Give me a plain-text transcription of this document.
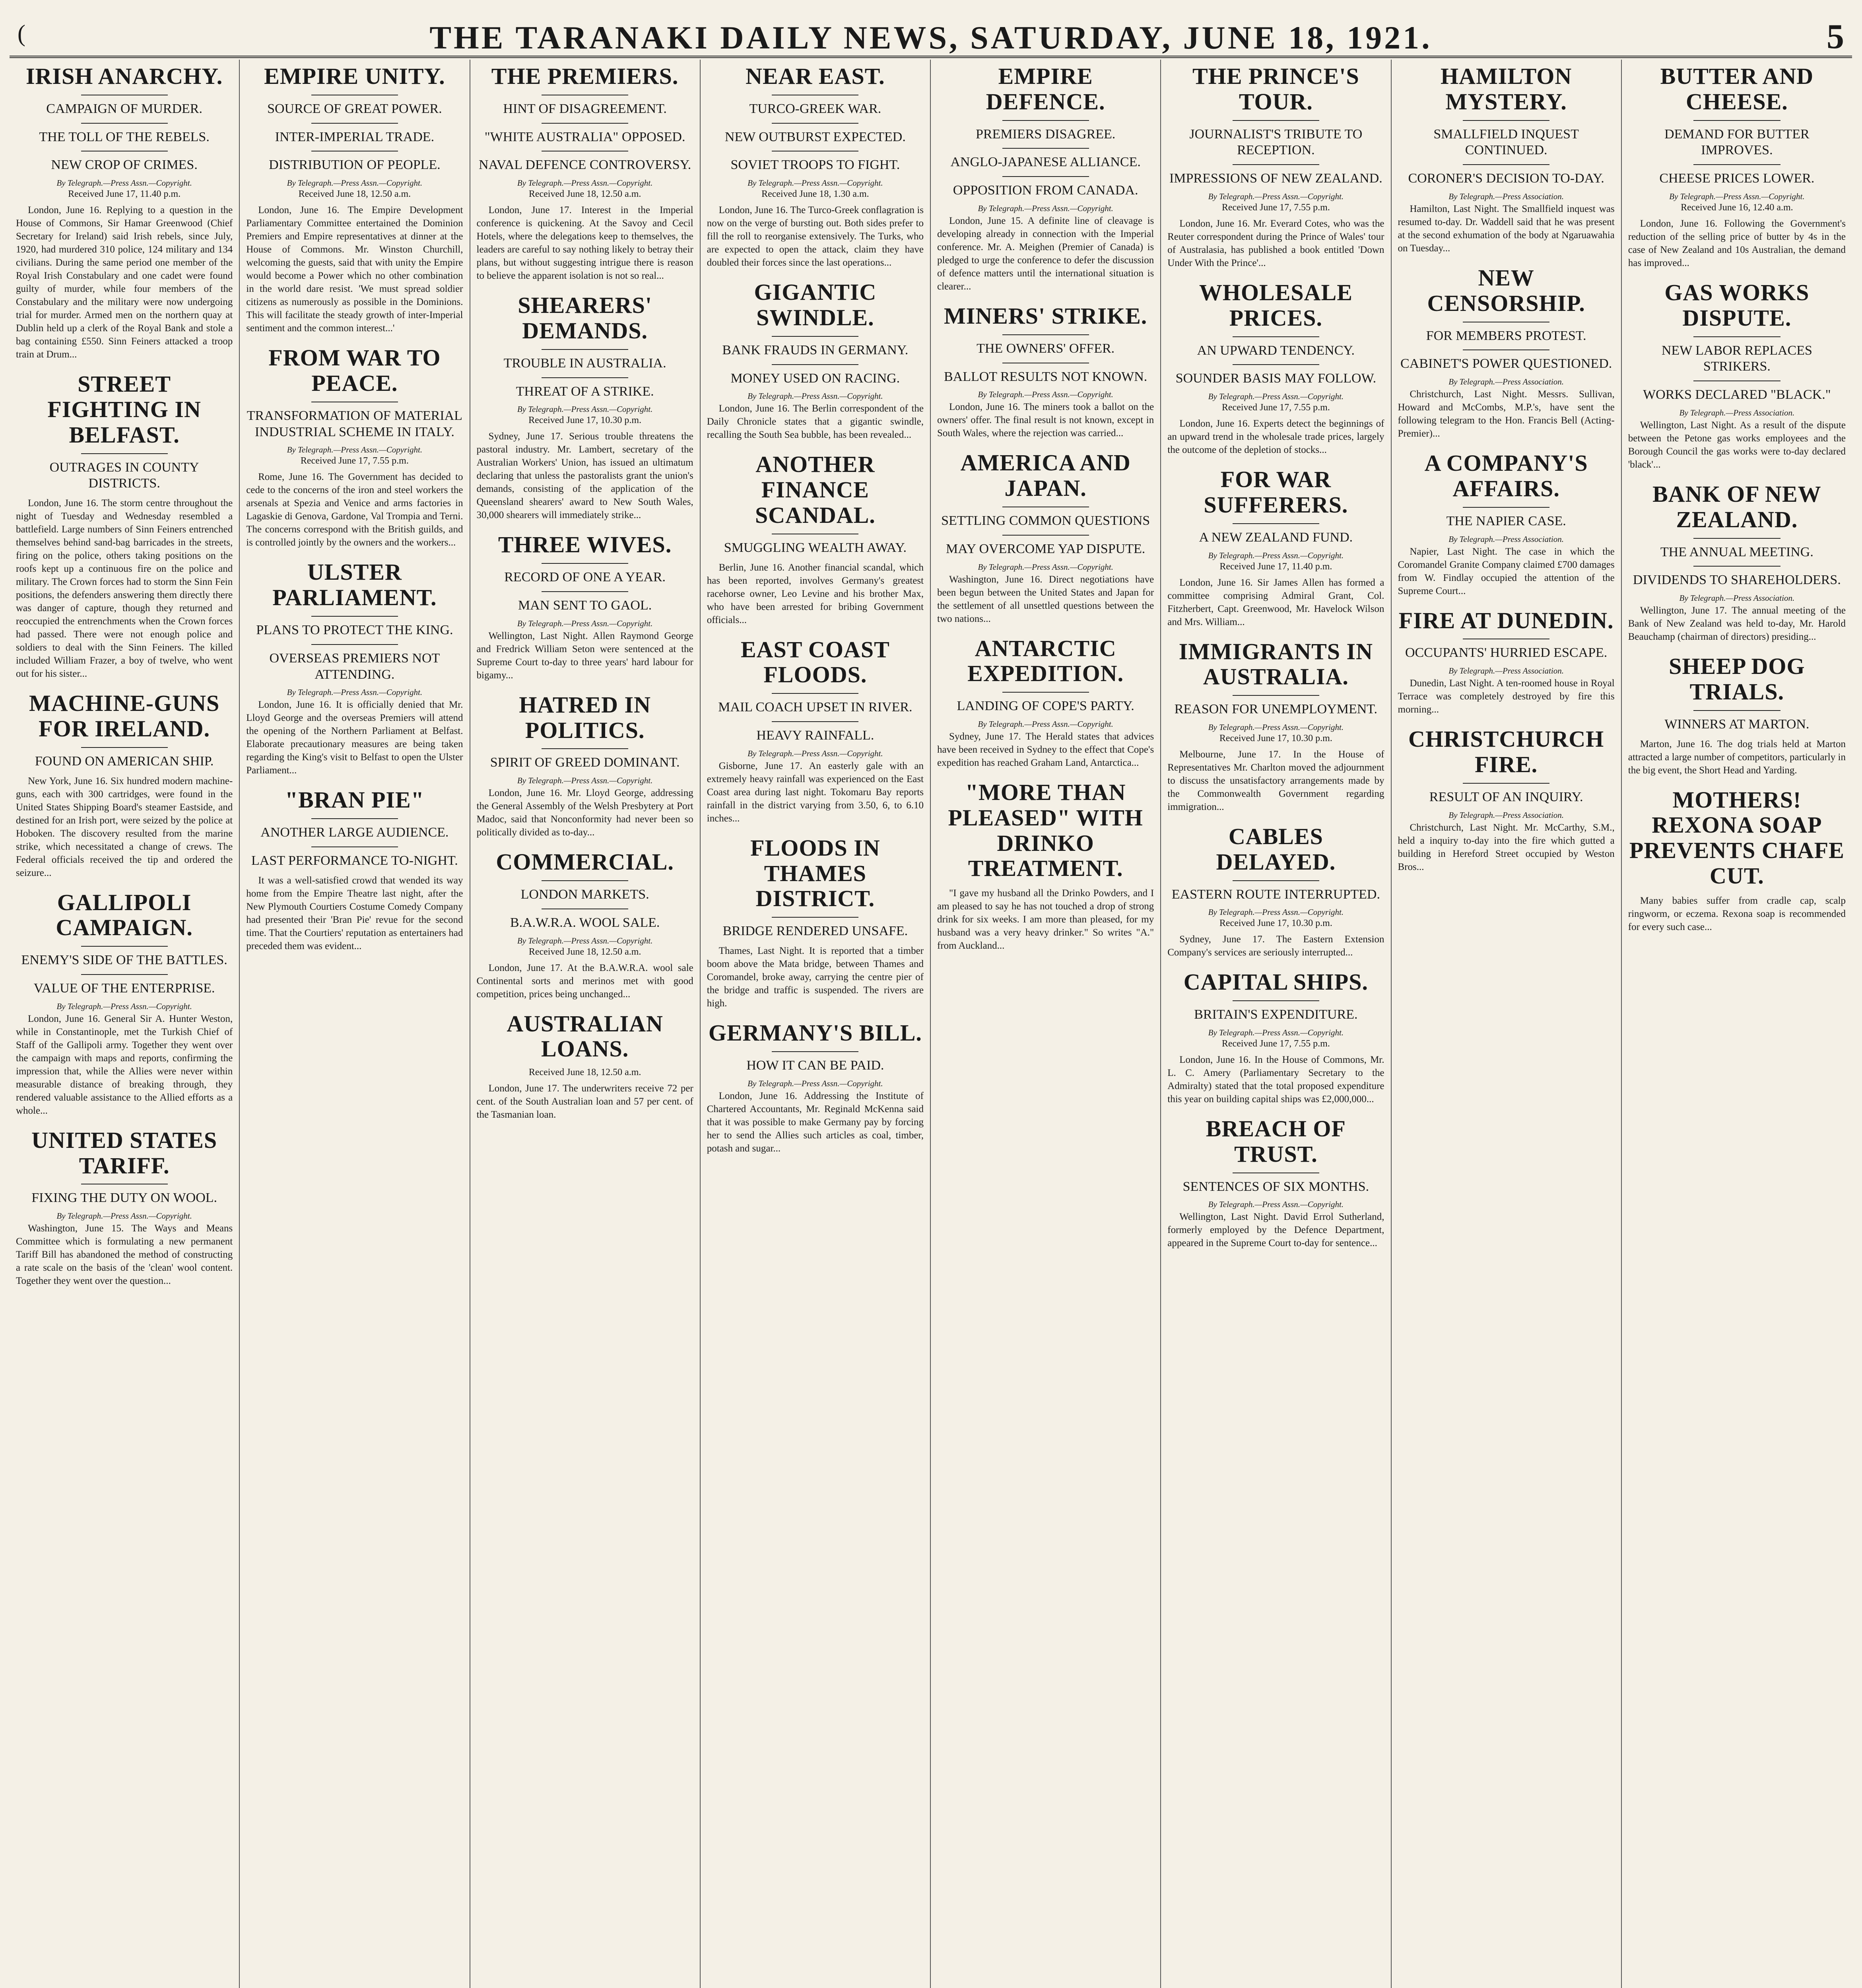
(	THE TARANAKI DAILY NEWS, SATURDAY, JUNE 18, 1921.	5
IRISH ANARCHY.
CAMPAIGN OF MURDER.
THE TOLL OF THE REBELS.
NEW CROP OF CRIMES.
By Telegraph.—Press Assn.—Copyright.
Received June 17, 11.40 p.m.

London, June 16. Replying to a question in the House of Commons, Sir Hamar Greenwood (Chief Secretary for Ireland) said Irish rebels, since July, 1920, had murdered 310 police, 124 military and 134 civilians. During the same period one member of the Royal Irish Constabulary and one cadet were found guilty of murder, while four members of the Constabulary and the military were now undergoing trial for murder. Armed men on the northern quay at Dublin held up a clerk of the Royal Bank and stole a bag containing £550. Sinn Feiners attacked a troop train at Drum...

STREET FIGHTING IN BELFAST.
OUTRAGES IN COUNTY DISTRICTS.

London, June 16. The storm centre throughout the night of Tuesday and Wednesday resembled a battlefield. Large numbers of Sinn Feiners entrenched themselves behind sand-bag barricades in the streets, firing on the police, others taking positions on the roofs kept up a continuous fire on the police and military. The Crown forces had to storm the Sinn Fein positions, the defenders answering them directly there was danger of capture, though they returned and reoccupied the entrenchments when the Crown forces had passed. There were not enough police and soldiers to deal with the Sinn Feiners. The killed included William Frazer, a boy of twelve, who went out for his sister...

MACHINE-GUNS FOR IRELAND.
FOUND ON AMERICAN SHIP.

New York, June 16. Six hundred modern machine-guns, each with 300 cartridges, were found in the United States Shipping Board's steamer Eastside, and destined for an Irish port, were seized by the police at Hoboken. The discovery resulted from the marine strike, which necessitated a change of crews. The Federal officials received the tip and ordered the seizure...

GALLIPOLI CAMPAIGN.
ENEMY'S SIDE OF THE BATTLES.
VALUE OF THE ENTERPRISE.
By Telegraph.—Press Assn.—Copyright.

London, June 16. General Sir A. Hunter Weston, while in Constantinople, met the Turkish Chief of Staff of the Gallipoli army. Together they went over the campaign with maps and reports, confirming the impression that, while the Allies were never within measurable distance of breaking through, they rendered valuable assistance to the Allied efforts as a whole...

UNITED STATES TARIFF.
FIXING THE DUTY ON WOOL.
By Telegraph.—Press Assn.—Copyright.

Washington, June 15. The Ways and Means Committee which is formulating a new permanent Tariff Bill has abandoned the method of constructing a rate scale on the basis of the 'clean' wool content. Together they went over the question...

EMPIRE UNITY.
SOURCE OF GREAT POWER.
INTER-IMPERIAL TRADE.
DISTRIBUTION OF PEOPLE.
By Telegraph.—Press Assn.—Copyright.
Received June 18, 12.50 a.m.

London, June 16. The Empire Development Parliamentary Committee entertained the Dominion Premiers and Empire representatives at dinner at the House of Commons. Mr. Winston Churchill, welcoming the guests, said that with unity the Empire would become a Power which no other combination in the world dare resist. 'We must spread soldier citizens as numerously as possible in the Dominions. This will facilitate the steady growth of inter-Imperial sentiment and the common interest...'

FROM WAR TO PEACE.
TRANSFORMATION OF MATERIAL INDUSTRIAL SCHEME IN ITALY.
By Telegraph.—Press Assn.—Copyright.
Received June 17, 7.55 p.m.

Rome, June 16. The Government has decided to cede to the concerns of the iron and steel workers the arsenals at Spezia and Venice and arms factories in Lagaskie di Genova, Gardone, Val Trompia and Terni. The concerns correspond with the British guilds, and is controlled jointly by the owners and the workers...

ULSTER PARLIAMENT.
PLANS TO PROTECT THE KING.
OVERSEAS PREMIERS NOT ATTENDING.
By Telegraph.—Press Assn.—Copyright.

London, June 16. It is officially denied that Mr. Lloyd George and the overseas Premiers will attend the opening of the Northern Parliament at Belfast. Elaborate precautionary measures are being taken regarding the King's visit to Belfast to open the Ulster Parliament...

"BRAN PIE"
ANOTHER LARGE AUDIENCE.
LAST PERFORMANCE TO-NIGHT.

It was a well-satisfied crowd that wended its way home from the Empire Theatre last night, after the New Plymouth Courtiers Costume Comedy Company had presented their 'Bran Pie' revue for the second time. That the Courtiers' reputation as entertainers had preceded them was evident...

THE PREMIERS.
HINT OF DISAGREEMENT.
"WHITE AUSTRALIA" OPPOSED.
NAVAL DEFENCE CONTROVERSY.
By Telegraph.—Press Assn.—Copyright.
Received June 18, 12.50 a.m.

London, June 17. Interest in the Imperial conference is quickening. At the Savoy and Cecil Hotels, where the delegations keep to themselves, the leaders are careful to say nothing likely to betray their plans, but without suggesting intrigue there is reason to believe the apparent isolation is not so real...

SHEARERS' DEMANDS.
TROUBLE IN AUSTRALIA.
THREAT OF A STRIKE.
By Telegraph.—Press Assn.—Copyright.
Received June 17, 10.30 p.m.

Sydney, June 17. Serious trouble threatens the pastoral industry. Mr. Lambert, secretary of the Australian Workers' Union, has issued an ultimatum declaring that unless the pastoralists grant the union's demands, consisting of the application of the Queensland shearers' award to New South Wales, 30,000 shearers will immediately strike...

THREE WIVES.
RECORD OF ONE A YEAR.
MAN SENT TO GAOL.
By Telegraph.—Press Assn.—Copyright.

Wellington, Last Night. Allen Raymond George and Fredrick William Seton were sentenced at the Supreme Court to-day to three years' hard labour for bigamy...

HATRED IN POLITICS.
SPIRIT OF GREED DOMINANT.
By Telegraph.—Press Assn.—Copyright.

London, June 16. Mr. Lloyd George, addressing the General Assembly of the Welsh Presbytery at Port Madoc, said that Nonconformity had never been so politically divided as to-day...

COMMERCIAL.
LONDON MARKETS.
B.A.W.R.A. WOOL SALE.
By Telegraph.—Press Assn.—Copyright.
Received June 18, 12.50 a.m.

London, June 17. At the B.A.W.R.A. wool sale Continental sorts and merinos met with good competition, prices being unchanged...

AUSTRALIAN LOANS.
Received June 18, 12.50 a.m.

London, June 17. The underwriters receive 72 per cent. of the South Australian loan and 57 per cent. of the Tasmanian loan.

NEAR EAST.
TURCO-GREEK WAR.
NEW OUTBURST EXPECTED.
SOVIET TROOPS TO FIGHT.
By Telegraph.—Press Assn.—Copyright.
Received June 18, 1.30 a.m.

London, June 16. The Turco-Greek conflagration is now on the verge of bursting out. Both sides prefer to fill the roll to reorganise extensively. The Turks, who are expected to open the attack, claim they have doubled their forces since the last operations...

GIGANTIC SWINDLE.
BANK FRAUDS IN GERMANY.
MONEY USED ON RACING.
By Telegraph.—Press Assn.—Copyright.

London, June 16. The Berlin correspondent of the Daily Chronicle states that a gigantic swindle, recalling the South Sea bubble, has been revealed...

ANOTHER FINANCE SCANDAL.
SMUGGLING WEALTH AWAY.

Berlin, June 16. Another financial scandal, which has been reported, involves Germany's greatest racehorse owner, Leo Levine and his brother Max, who have been arrested for bribing Government officials...

EAST COAST FLOODS.
MAIL COACH UPSET IN RIVER.
HEAVY RAINFALL.
By Telegraph.—Press Assn.—Copyright.

Gisborne, June 17. An easterly gale with an extremely heavy rainfall was experienced on the East Coast area during last night. Tokomaru Bay reports rainfall in the district varying from 3.50, 6, to 6.10 inches...

FLOODS IN THAMES DISTRICT.
BRIDGE RENDERED UNSAFE.

Thames, Last Night. It is reported that a timber boom above the Mata bridge, between Thames and Coromandel, broke away, carrying the centre pier of the bridge and traffic is suspended. The rivers are high.

GERMANY'S BILL.
HOW IT CAN BE PAID.
By Telegraph.—Press Assn.—Copyright.

London, June 16. Addressing the Institute of Chartered Accountants, Mr. Reginald McKenna said that it was possible to make Germany pay by forcing her to send the Allies such articles as coal, timber, potash and sugar...

EMPIRE DEFENCE.
PREMIERS DISAGREE.
ANGLO-JAPANESE ALLIANCE.
OPPOSITION FROM CANADA.
By Telegraph.—Press Assn.—Copyright.

London, June 15. A definite line of cleavage is developing already in connection with the Imperial conference. Mr. A. Meighen (Premier of Canada) is pledged to urge the conference to defer the discussion of defence matters until the international situation is clearer...

MINERS' STRIKE.
THE OWNERS' OFFER.
BALLOT RESULTS NOT KNOWN.
By Telegraph.—Press Assn.—Copyright.

London, June 16. The miners took a ballot on the owners' offer. The final result is not known, except in South Wales, where the rejection was carried...

AMERICA AND JAPAN.
SETTLING COMMON QUESTIONS
MAY OVERCOME YAP DISPUTE.
By Telegraph.—Press Assn.—Copyright.

Washington, June 16. Direct negotiations have been begun between the United States and Japan for the settlement of all unsettled questions between the two nations...

ANTARCTIC EXPEDITION.
LANDING OF COPE'S PARTY.
By Telegraph.—Press Assn.—Copyright.

Sydney, June 17. The Herald states that advices have been received in Sydney to the effect that Cope's expedition has reached Graham Land, Antarctica...

"MORE THAN PLEASED" WITH DRINKO TREATMENT.

"I gave my husband all the Drinko Powders, and I am pleased to say he has not touched a drop of strong drink for six weeks. I am more than pleased, for my husband was a very heavy drinker." So writes "A." from Auckland...

THE PRINCE'S TOUR.
JOURNALIST'S TRIBUTE TO RECEPTION.
IMPRESSIONS OF NEW ZEALAND.
By Telegraph.—Press Assn.—Copyright.
Received June 17, 7.55 p.m.

London, June 16. Mr. Everard Cotes, who was the Reuter correspondent during the Prince of Wales' tour of Australasia, has published a book entitled 'Down Under With the Prince'...

WHOLESALE PRICES.
AN UPWARD TENDENCY.
SOUNDER BASIS MAY FOLLOW.
By Telegraph.—Press Assn.—Copyright.
Received June 17, 7.55 p.m.

London, June 16. Experts detect the beginnings of an upward trend in the wholesale trade prices, largely the outcome of the depletion of stocks...

FOR WAR SUFFERERS.
A NEW ZEALAND FUND.
By Telegraph.—Press Assn.—Copyright.
Received June 17, 11.40 p.m.

London, June 16. Sir James Allen has formed a committee comprising Admiral Grant, Col. Fitzherbert, Capt. Greenwood, Mr. Havelock Wilson and Mrs. William...

IMMIGRANTS IN AUSTRALIA.
REASON FOR UNEMPLOYMENT.
By Telegraph.—Press Assn.—Copyright.
Received June 17, 10.30 p.m.

Melbourne, June 17. In the House of Representatives Mr. Charlton moved the adjournment to discuss the unsatisfactory arrangements made by the Commonwealth Government regarding immigration...

CABLES DELAYED.
EASTERN ROUTE INTERRUPTED.
By Telegraph.—Press Assn.—Copyright.
Received June 17, 10.30 p.m.

Sydney, June 17. The Eastern Extension Company's services are seriously interrupted...

CAPITAL SHIPS.
BRITAIN'S EXPENDITURE.
By Telegraph.—Press Assn.—Copyright.
Received June 17, 7.55 p.m.

London, June 16. In the House of Commons, Mr. L. C. Amery (Parliamentary Secretary to the Admiralty) stated that the total proposed expenditure this year on building capital ships was £2,000,000...

BREACH OF TRUST.
SENTENCES OF SIX MONTHS.
By Telegraph.—Press Assn.—Copyright.

Wellington, Last Night. David Errol Sutherland, formerly employed by the Defence Department, appeared in the Supreme Court to-day for sentence...

HAMILTON MYSTERY.
SMALLFIELD INQUEST CONTINUED.
CORONER'S DECISION TO-DAY.
By Telegraph.—Press Association.

Hamilton, Last Night. The Smallfield inquest was resumed to-day. Dr. Waddell said that he was present at the second exhumation of the body at Ngaruawahia on Tuesday...

NEW CENSORSHIP.
FOR MEMBERS PROTEST.
CABINET'S POWER QUESTIONED.
By Telegraph.—Press Association.

Christchurch, Last Night. Messrs. Sullivan, Howard and McCombs, M.P.'s, have sent the following telegram to the Hon. Francis Bell (Acting-Premier)...

A COMPANY'S AFFAIRS.
THE NAPIER CASE.
By Telegraph.—Press Association.

Napier, Last Night. The case in which the Coromandel Granite Company claimed £700 damages from W. Findlay occupied the attention of the Supreme Court...

FIRE AT DUNEDIN.
OCCUPANTS' HURRIED ESCAPE.
By Telegraph.—Press Association.

Dunedin, Last Night. A ten-roomed house in Royal Terrace was completely destroyed by fire this morning...

CHRISTCHURCH FIRE.
RESULT OF AN INQUIRY.
By Telegraph.—Press Association.

Christchurch, Last Night. Mr. McCarthy, S.M., held a inquiry to-day into the fire which gutted a building in Hereford Street occupied by Weston Bros...

BUTTER AND CHEESE.
DEMAND FOR BUTTER IMPROVES.
CHEESE PRICES LOWER.
By Telegraph.—Press Assn.—Copyright.
Received June 16, 12.40 a.m.

London, June 16. Following the Government's reduction of the selling price of butter by 4s in the case of New Zealand and 10s Australian, the demand has improved...

GAS WORKS DISPUTE.
NEW LABOR REPLACES STRIKERS.
WORKS DECLARED "BLACK."
By Telegraph.—Press Association.

Wellington, Last Night. As a result of the dispute between the Petone gas works employees and the Borough Council the gas works were to-day declared 'black'...

BANK OF NEW ZEALAND.
THE ANNUAL MEETING.
DIVIDENDS TO SHAREHOLDERS.
By Telegraph.—Press Association.

Wellington, June 17. The annual meeting of the Bank of New Zealand was held to-day, Mr. Harold Beauchamp (chairman of directors) presiding...

SHEEP DOG TRIALS.
WINNERS AT MARTON.

Marton, June 16. The dog trials held at Marton attracted a large number of competitors, particularly in the big event, the Short Head and Yarding.

MOTHERS! REXONA SOAP PREVENTS CHAFE CUT.

Many babies suffer from cradle cap, scalp ringworm, or eczema. Rexona soap is recommended for every such case...
